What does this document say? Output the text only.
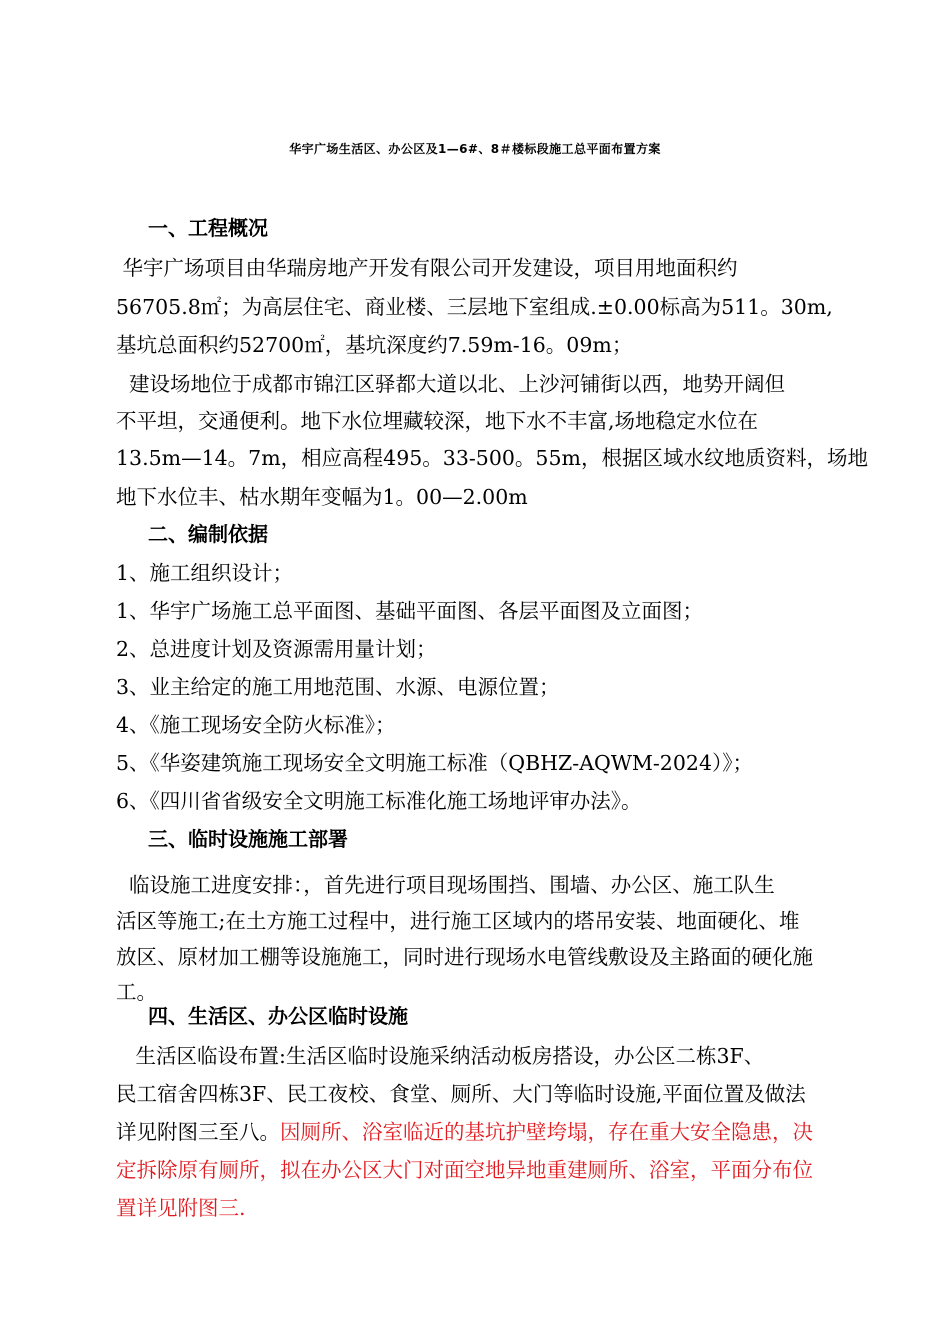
华宇广场生活区、办公区及1—6#、8＃楼标段施工总平面布置方案
一、工程概况
华宇广场项目由华瑞房地产开发有限公司开发建设，项目用地面积约
56705.8㎡；为高层住宅、商业楼、三层地下室组成.±0.00标高为511。30m,
基坑总面积约52700㎡，基坑深度约7.59m-16。09m；
建设场地位于成都市锦江区驿都大道以北、上沙河铺街以西，地势开阔但
不平坦，交通便利。地下水位埋藏较深，地下水不丰富,场地稳定水位在
13.5m—14。7m，相应高程495。33-500。55m，根据区域水纹地质资料，场地
地下水位丰、枯水期年变幅为1。00—2.00m
二、编制依据
1、施工组织设计；
1、华宇广场施工总平面图、基础平面图、各层平面图及立面图；
2、总进度计划及资源需用量计划；
3、业主给定的施工用地范围、水源、电源位置；
4、《施工现场安全防火标准》；
5、《华姿建筑施工现场安全文明施工标准（QBHZ-AQWM-2024）》；
6、《四川省省级安全文明施工标准化施工场地评审办法》。
三、临时设施施工部署
临设施工进度安排：，首先进行项目现场围挡、围墙、办公区、施工队生
活区等施工;在土方施工过程中，进行施工区域内的塔吊安装、地面硬化、堆
放区、原材加工棚等设施施工，同时进行现场水电管线敷设及主路面的硬化施
工。
四、生活区、办公区临时设施
生活区临设布置:生活区临时设施采纳活动板房搭设，办公区二栋3F、
民工宿舍四栋3F、民工夜校、食堂、厕所、大门等临时设施,平面位置及做法
详见附图三至八。因厕所、浴室临近的基坑护壁垮塌，存在重大安全隐患，决
定拆除原有厕所，拟在办公区大门对面空地异地重建厕所、浴室，平面分布位
置详见附图三.
